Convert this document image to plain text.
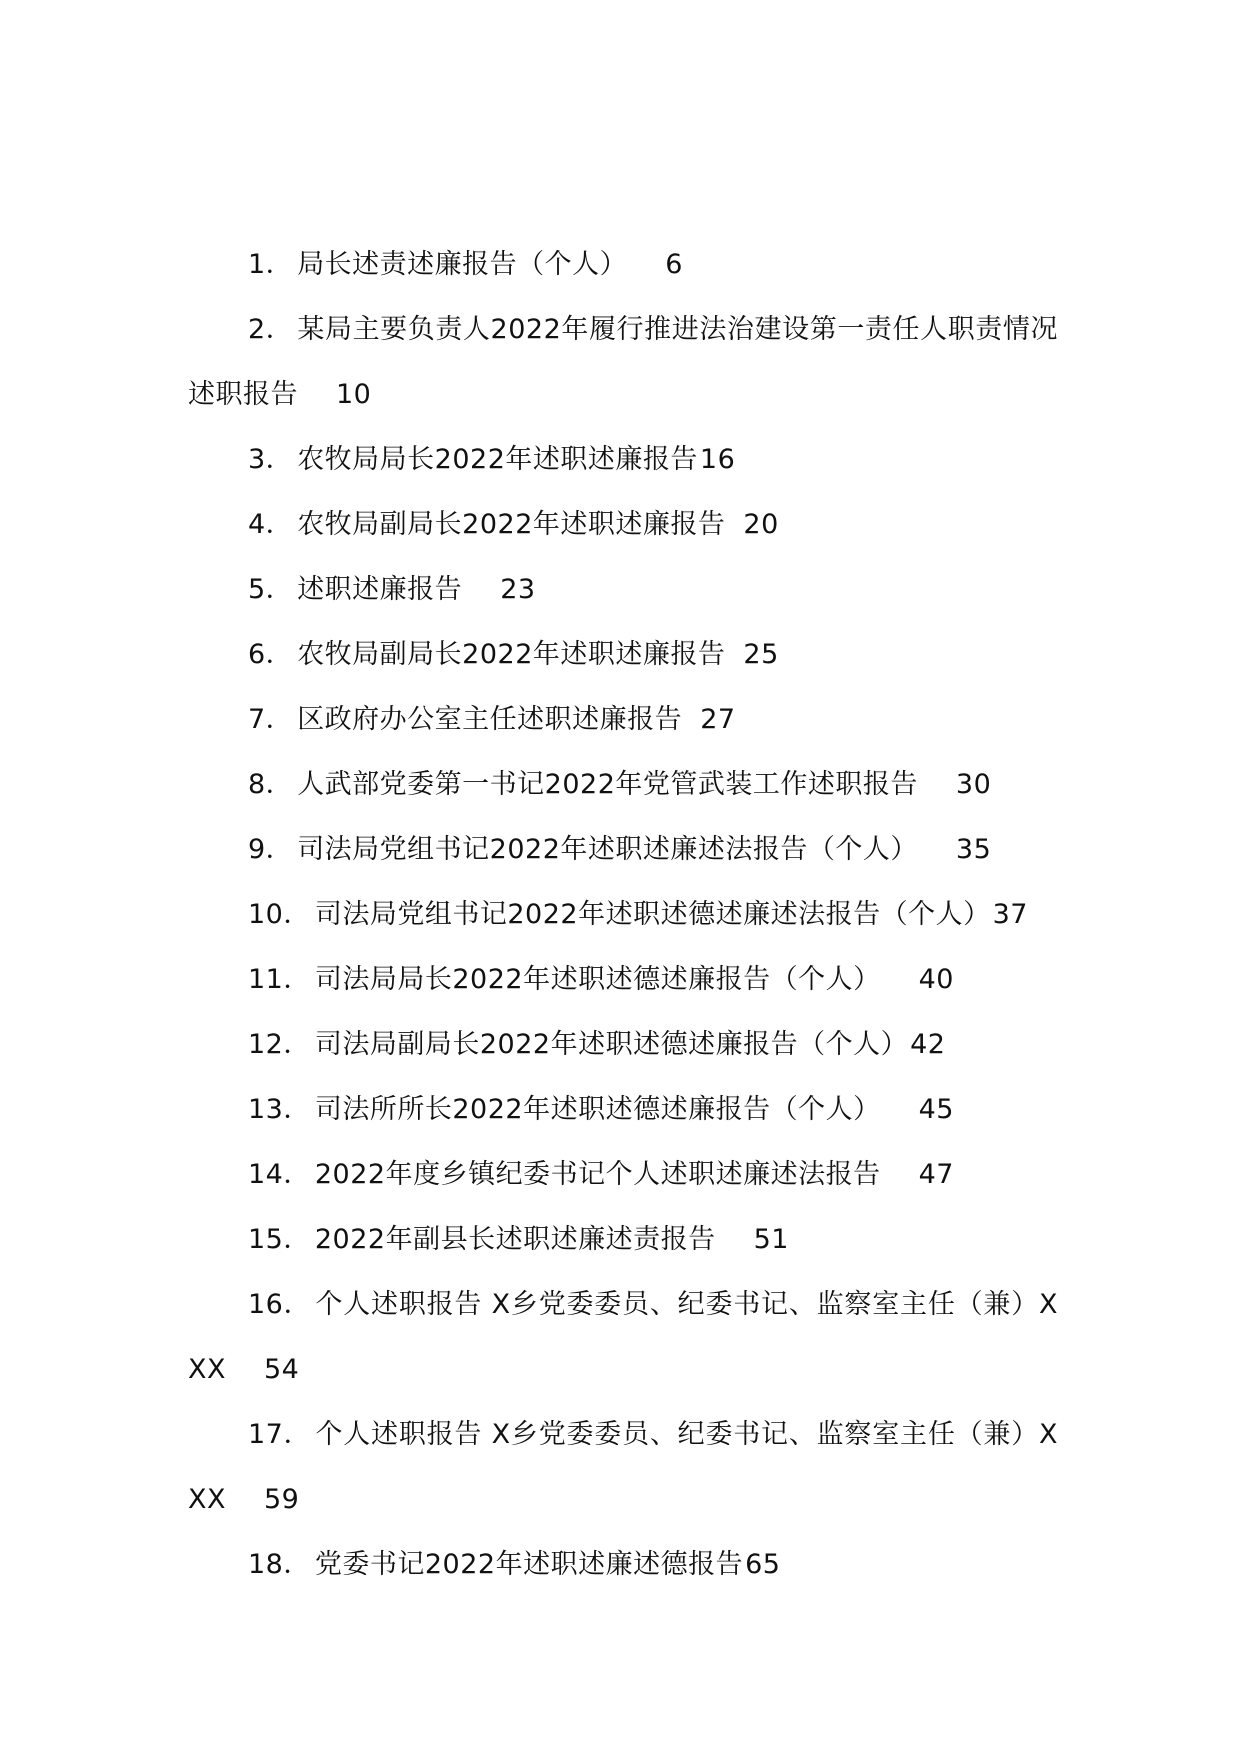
1． 局长述责述廉报告（个人） 6
2． 某局主要负责人2022年履行推进法治建设第一责任人职责情况述职报告 10
3． 农牧局局长2022年述职述廉报告16
4． 农牧局副局长2022年述职述廉报告 20
5． 述职述廉报告 23
6． 农牧局副局长2022年述职述廉报告 25
7． 区政府办公室主任述职述廉报告 27
8． 人武部党委第一书记2022年党管武装工作述职报告 30
9． 司法局党组书记2022年述职述廉述法报告（个人） 35
10． 司法局党组书记2022年述职述德述廉述法报告（个人）37
11． 司法局局长2022年述职述德述廉报告（个人） 40
12． 司法局副局长2022年述职述德述廉报告（个人）42
13． 司法所所长2022年述职述德述廉报告（个人） 45
14． 2022年度乡镇纪委书记个人述职述廉述法报告 47
15． 2022年副县长述职述廉述责报告 51
16． 个人述职报告 X乡党委委员、纪委书记、监察室主任（兼）XXX 54
17． 个人述职报告 X乡党委委员、纪委书记、监察室主任（兼）XXX 59
18． 党委书记2022年述职述廉述德报告65
